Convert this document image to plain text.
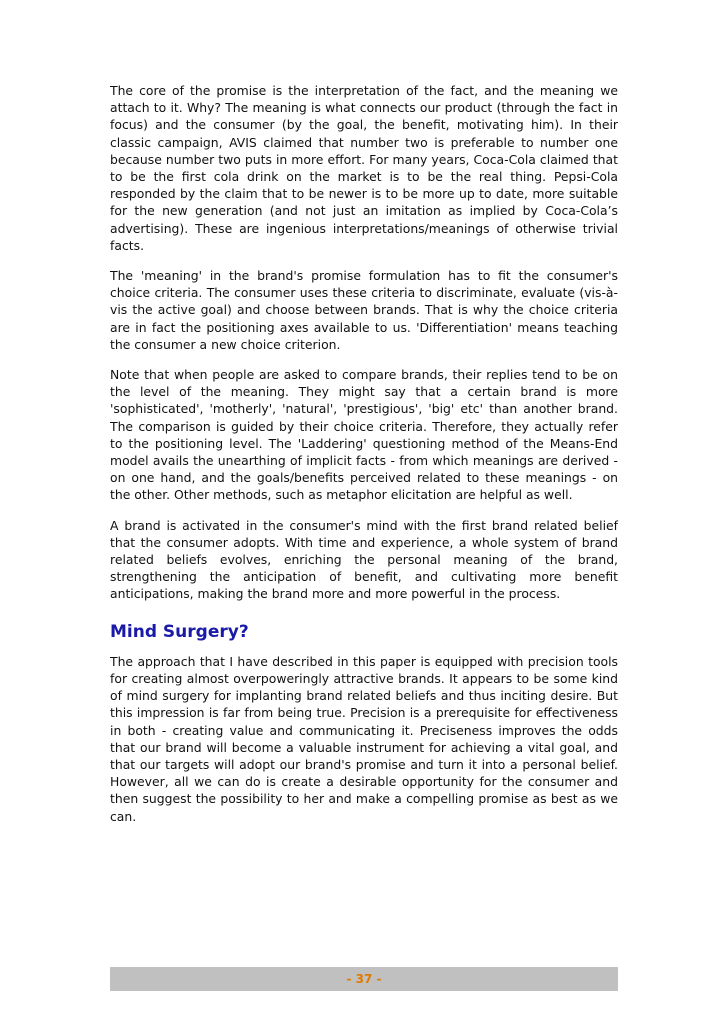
The core of the promise is the interpretation of the fact, and the meaning we attach to it. Why? The meaning is what connects our product (through the fact in focus) and the consumer (by the goal, the benefit, motivating him). In their classic campaign, AVIS claimed that number two is preferable to number one because number two puts in more effort. For many years, Coca-Cola claimed that to be the first cola drink on the market is to be the real thing. Pepsi-Cola responded by the claim that to be newer is to be more up to date, more suitable for the new generation (and not just an imitation as implied by Coca-Cola’s advertising). These are ingenious interpretations/meanings of otherwise trivial facts.

The 'meaning' in the brand's promise formulation has to fit the consumer's choice criteria. The consumer uses these criteria to discriminate, evaluate (vis-à-vis the active goal) and choose between brands. That is why the choice criteria are in fact the positioning axes available to us. 'Differentiation' means teaching the consumer a new choice criterion.

Note that when people are asked to compare brands, their replies tend to be on the level of the meaning. They might say that a certain brand is more 'sophisticated', 'motherly', 'natural', 'prestigious', 'big' etc' than another brand. The comparison is guided by their choice criteria. Therefore, they actually refer to the positioning level. The 'Laddering' questioning method of the Means-End model avails the unearthing of implicit facts - from which meanings are derived - on one hand, and the goals/benefits perceived related to these meanings - on the other. Other methods, such as metaphor elicitation are helpful as well.

A brand is activated in the consumer's mind with the first brand related belief that the consumer adopts. With time and experience, a whole system of brand related beliefs evolves, enriching the personal meaning of the brand, strengthening the anticipation of benefit, and cultivating more benefit anticipations, making the brand more and more powerful in the process.

Mind Surgery?

The approach that I have described in this paper is equipped with precision tools for creating almost overpoweringly attractive brands. It appears to be some kind of mind surgery for implanting brand related beliefs and thus inciting desire. But this impression is far from being true. Precision is a prerequisite for effectiveness in both - creating value and communicating it. Preciseness improves the odds that our brand will become a valuable instrument for achieving a vital goal, and that our targets will adopt our brand's promise and turn it into a personal belief. However, all we can do is create a desirable opportunity for the consumer and then suggest the possibility to her and make a compelling promise as best as we can.

- 37 -
